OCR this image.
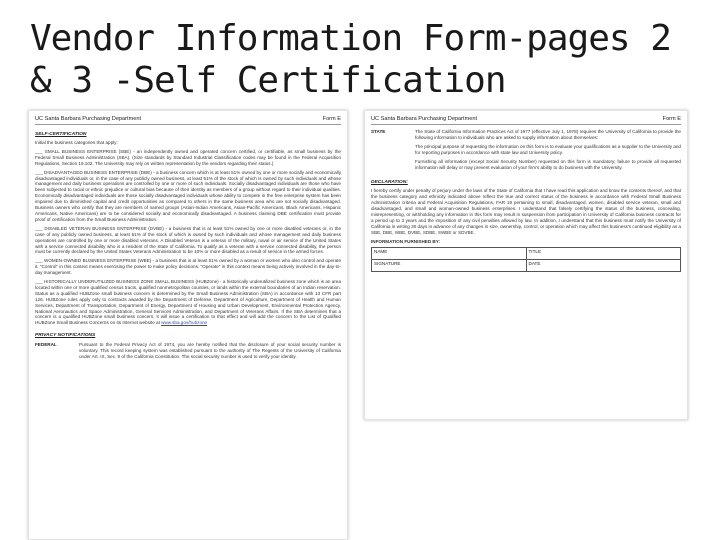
Vendor Information Form-pages 2 & 3 -Self Certification
UC Santa Barbara Purchasing Department	Form E
SELF-CERTIFICATION
Initial the business categories that apply:
___ SMALL BUSINESS ENTERPRISE (SBE) - an independently owned and operated concern certified, or certifiable, as small business by the Federal Small Business Administration (SBA). (Size standards by Standard Industrial Classification codes may be found in the Federal Acquisition Regulations, Section 19.102. The University may rely on written representation by the vendors regarding their status.)
___ DISADVANTAGED BUSINESS ENTERPRISE (DBE) - a business concern which is at least 51% owned by one or more socially and economically disadvantaged individuals or, in the case of any publicly owned business, at least 51% of the stock of which is owned by such individuals and whose management and daily business operations are controlled by one or more of such individuals. Socially disadvantaged individuals are those who have been subjected to racial or ethnic prejudice or cultural bias because of their identity as members of a group without regard to their individual qualities. Economically disadvantaged individuals are those socially disadvantaged individuals whose ability to compete in the free enterprise system has been impaired due to diminished capital and credit opportunities as compared to others in the same business area who are not socially disadvantaged. Business owners who certify that they are members of named groups (Asian-Indian Americans, Asian-Pacific Americans, Black Americans, Hispanic Americans, Native Americans) are to be considered socially and economically disadvantaged. A business claiming DBE certification must provide proof of certification from the Small Business Administration.
___ DISABLED VETERAN BUSINESS ENTERPRISE (DVBE) - a business that is at least 51% owned by one or more disabled veterans or, in the case of any publicly owned business, at least 51% of the stock of which is owned by such individuals and whose management and daily business operations are controlled by one or more disabled veterans. A Disabled Veteran is a veteran of the military, naval or air service of the United States with a service connected disability who is a resident of the State of California. To qualify as a veteran with a service connected disability, the person must be currently declared by the United States Veterans Administration to be 10% or more disabled as a result of service in the armed forces.
___ WOMEN-OWNED BUSINESS ENTERPRISE (WBE) - a business that is at least 51% owned by a woman or women who also control and operate it. "Control" in this context means exercising the power to make policy decisions. "Operate" in this context means being actively involved in the day-to-day management.
___ HISTORICALLY UNDERUTILIZED BUSINESS ZONE SMALL BUSINESS (HUBZone) - a historically underutilized business zone which is an area located within one or more qualified census tracts, qualified nonmetropolitan counties, or lands within the external boundaries of an Indian reservation. Status as a qualified HUBZone small business concern is determined by the Small Business Administration (SBA) in accordance with 13 CFR part 126. HUBZone rules apply only to contracts awarded by the Department of Defense, Department of Agriculture, Department of Health and Human Services, Department of Transportation, Department of Energy, Department of Housing and Urban Development, Environmental Protection Agency, National Aeronautics and Space Administration, General Services Administration, and Department of Veterans Affairs. If the SBA determines that a concern is a qualified HUBZone small business concern, it will issue a certification to that effect and will add the concern to the List of Qualified HUBZone Small Business Concerns on its Internet website at www.sba.gov/hubzone
PRIVACY NOTIFICATIONS
FEDERAL	Pursuant to the Federal Privacy Act of 1974, you are hereby notified that the disclosure of your social security number is voluntary. This record keeping system was established pursuant to the authority of The Regents of the University of California under Art. IX, Sec. 9 of the California Constitution. The social security number is used to verify your identity.
UC Santa Barbara Purchasing Department	Form E
STATE	The State of California Information Practices Act of 1977 (effective July 1, 1978) requires the University of California to provide the following information to individuals who are asked to supply information about themselves:

The principal purpose of requesting the information on this form is to evaluate your qualifications as a supplier to the University and for reporting purposes in accordance with state law and University policy.

Furnishing all information (except Social Security Number) requested on this form is mandatory; failure to provide all requested information will delay or may prevent evaluation of your firm's ability to do business with the University.

DECLARATION:
I hereby certify under penalty of perjury under the laws of the State of California that I have read this application and know the contents thereof, and that the business category and ethnicity indicated above reflect the true and correct status of the business in accordance with Federal Small Business Administration criteria and Federal Acquisition Regulations, FAR 19 pertaining to small, disadvantaged, women, disabled service veteran, small and disadvantaged, and small and woman-owned business enterprises. I understand that falsely certifying the status of the business, concealing, misrepresenting, or withholding any information in this form may result in suspension from participation in University of California business contracts for a period up to 3 years and the imposition of any civil penalties allowed by law. In addition, I understand that this business must notify the University of California in writing 30 days in advance of any changes in size, ownership, control, or operation which may affect this business's continued eligibility as a SBE, DBE, WBE, DVBE, SDBE, SWBE or SDVBE.
INFORMATION FURNISHED BY:
NAME	TITLE
SIGNATURE	DATE
